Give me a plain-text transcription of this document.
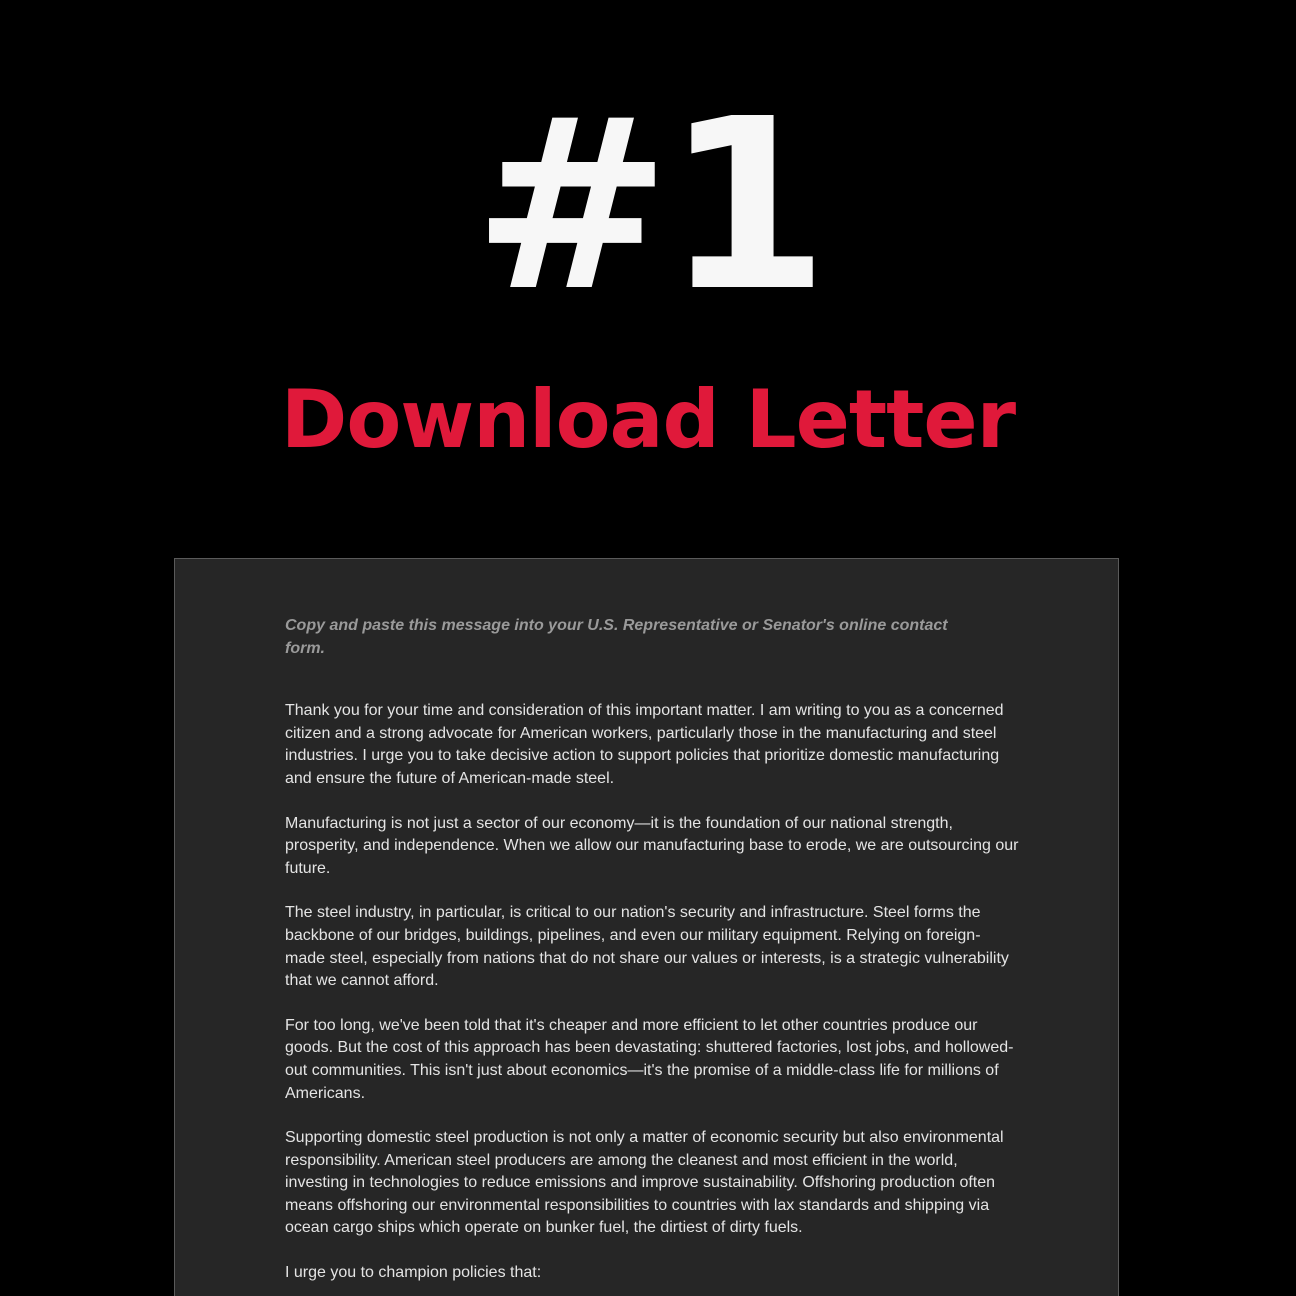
#1
Download Letter

Copy and paste this message into your U.S. Representative or Senator's online contact form.

Thank you for your time and consideration of this important matter. I am writing to you as a concerned citizen and a strong advocate for American workers, particularly those in the manufacturing and steel industries. I urge you to take decisive action to support policies that prioritize domestic manufacturing and ensure the future of American-made steel.

Manufacturing is not just a sector of our economy—it is the foundation of our national strength, prosperity, and independence. When we allow our manufacturing base to erode, we are outsourcing our future.

The steel industry, in particular, is critical to our nation's security and infrastructure. Steel forms the backbone of our bridges, buildings, pipelines, and even our military equipment. Relying on foreign-made steel, especially from nations that do not share our values or interests, is a strategic vulnerability that we cannot afford.

For too long, we've been told that it's cheaper and more efficient to let other countries produce our goods. But the cost of this approach has been devastating: shuttered factories, lost jobs, and hollowed-out communities. This isn't just about economics—it's the promise of a middle-class life for millions of Americans.

Supporting domestic steel production is not only a matter of economic security but also environmental responsibility. American steel producers are among the cleanest and most efficient in the world, investing in technologies to reduce emissions and improve sustainability. Offshoring production often means offshoring our environmental responsibilities to countries with lax standards and shipping via ocean cargo ships which operate on bunker fuel, the dirtiest of dirty fuels.

I urge you to champion policies that:
